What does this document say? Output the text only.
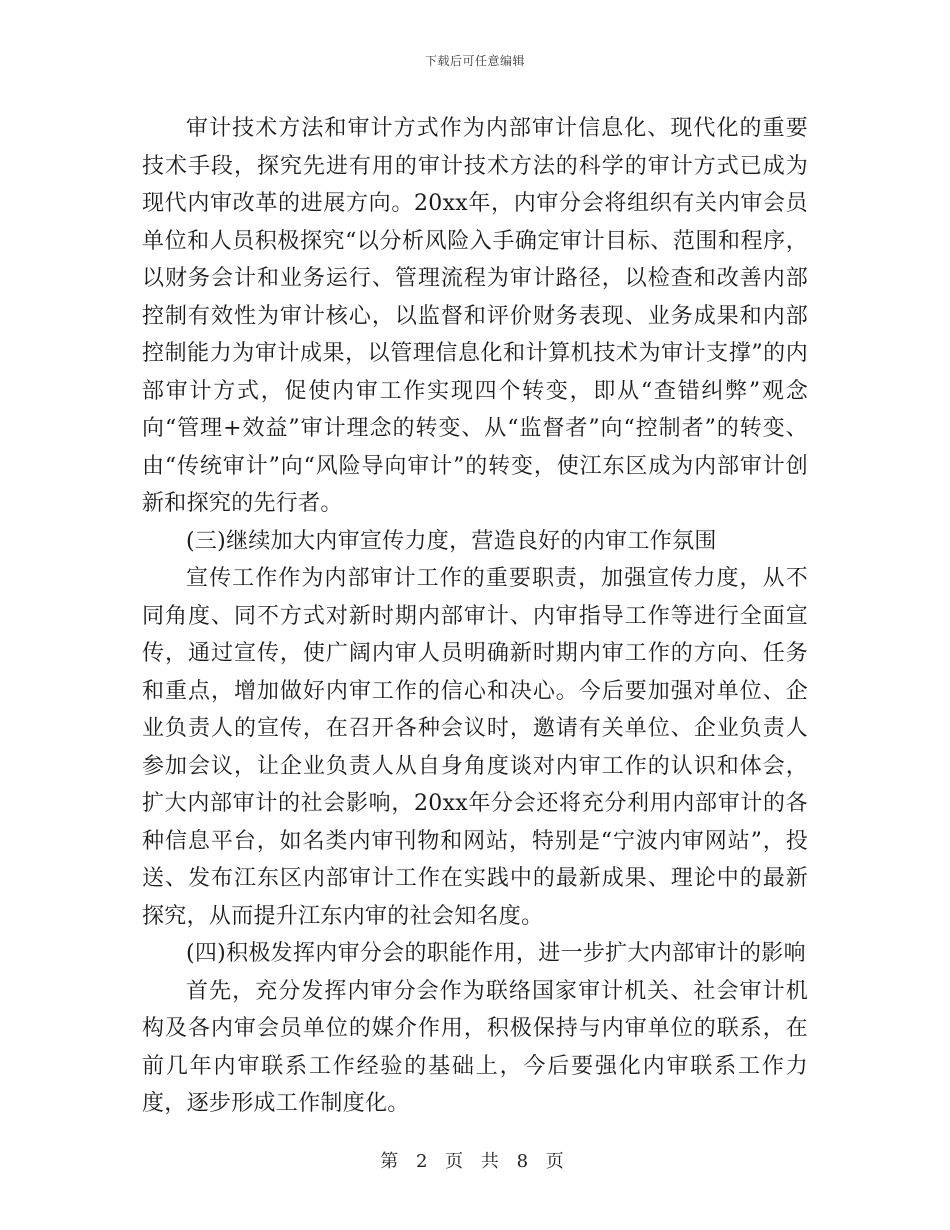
下载后可任意编辑

审计技术方法和审计方式作为内部审计信息化、现代化的重要技术手段，探究先进有用的审计技术方法的科学的审计方式已成为现代内审改革的进展方向。20xx年，内审分会将组织有关内审会员单位和人员积极探究“以分析风险入手确定审计目标、范围和程序，以财务会计和业务运行、管理流程为审计路径，以检查和改善内部控制有效性为审计核心，以监督和评价财务表现、业务成果和内部控制能力为审计成果，以管理信息化和计算机技术为审计支撑”的内部审计方式，促使内审工作实现四个转变，即从“查错纠弊”观念向“管理+效益”审计理念的转变、从“监督者”向“控制者”的转变、由“传统审计”向“风险导向审计”的转变，使江东区成为内部审计创新和探究的先行者。

(三)继续加大内审宣传力度，营造良好的内审工作氛围

宣传工作作为内部审计工作的重要职责，加强宣传力度，从不同角度、同不方式对新时期内部审计、内审指导工作等进行全面宣传，通过宣传，使广阔内审人员明确新时期内审工作的方向、任务和重点，增加做好内审工作的信心和决心。今后要加强对单位、企业负责人的宣传，在召开各种会议时，邀请有关单位、企业负责人参加会议，让企业负责人从自身角度谈对内审工作的认识和体会，扩大内部审计的社会影响，20xx年分会还将充分利用内部审计的各种信息平台，如名类内审刊物和网站，特别是“宁波内审网站”，投送、发布江东区内部审计工作在实践中的最新成果、理论中的最新探究，从而提升江东内审的社会知名度。

(四)积极发挥内审分会的职能作用，进一步扩大内部审计的影响

首先，充分发挥内审分会作为联络国家审计机关、社会审计机构及各内审会员单位的媒介作用，积极保持与内审单位的联系，在前几年内审联系工作经验的基础上，今后要强化内审联系工作力度，逐步形成工作制度化。

第 2 页 共 8 页
